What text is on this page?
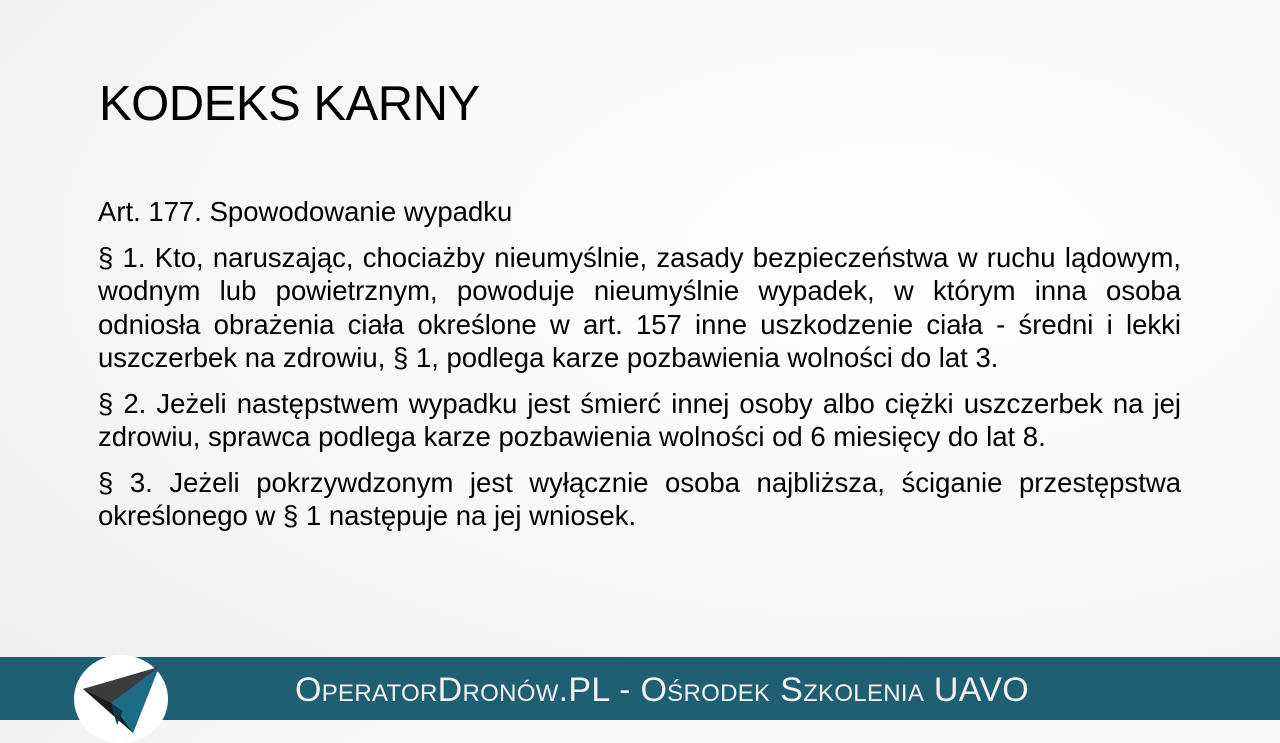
KODEKS KARNY

Art. 177. Spowodowanie wypadku

§ 1. Kto, naruszając, chociażby nieumyślnie, zasady bezpieczeństwa w ruchu lądowym, wodnym lub powietrznym, powoduje nieumyślnie wypadek, w którym inna osoba odniosła obrażenia ciała określone w art. 157 inne uszkodzenie ciała - średni i lekki uszczerbek na zdrowiu, § 1, podlega karze pozbawienia wolności do lat 3.

§ 2. Jeżeli następstwem wypadku jest śmierć innej osoby albo ciężki uszczerbek na jej zdrowiu, sprawca podlega karze pozbawienia wolności od 6 miesięcy do lat 8.

§ 3. Jeżeli pokrzywdzonym jest wyłącznie osoba najbliższa, ściganie przestępstwa określonego w § 1 następuje na jej wniosek.

OperatorDronów.PL - Ośrodek Szkolenia UAVO
